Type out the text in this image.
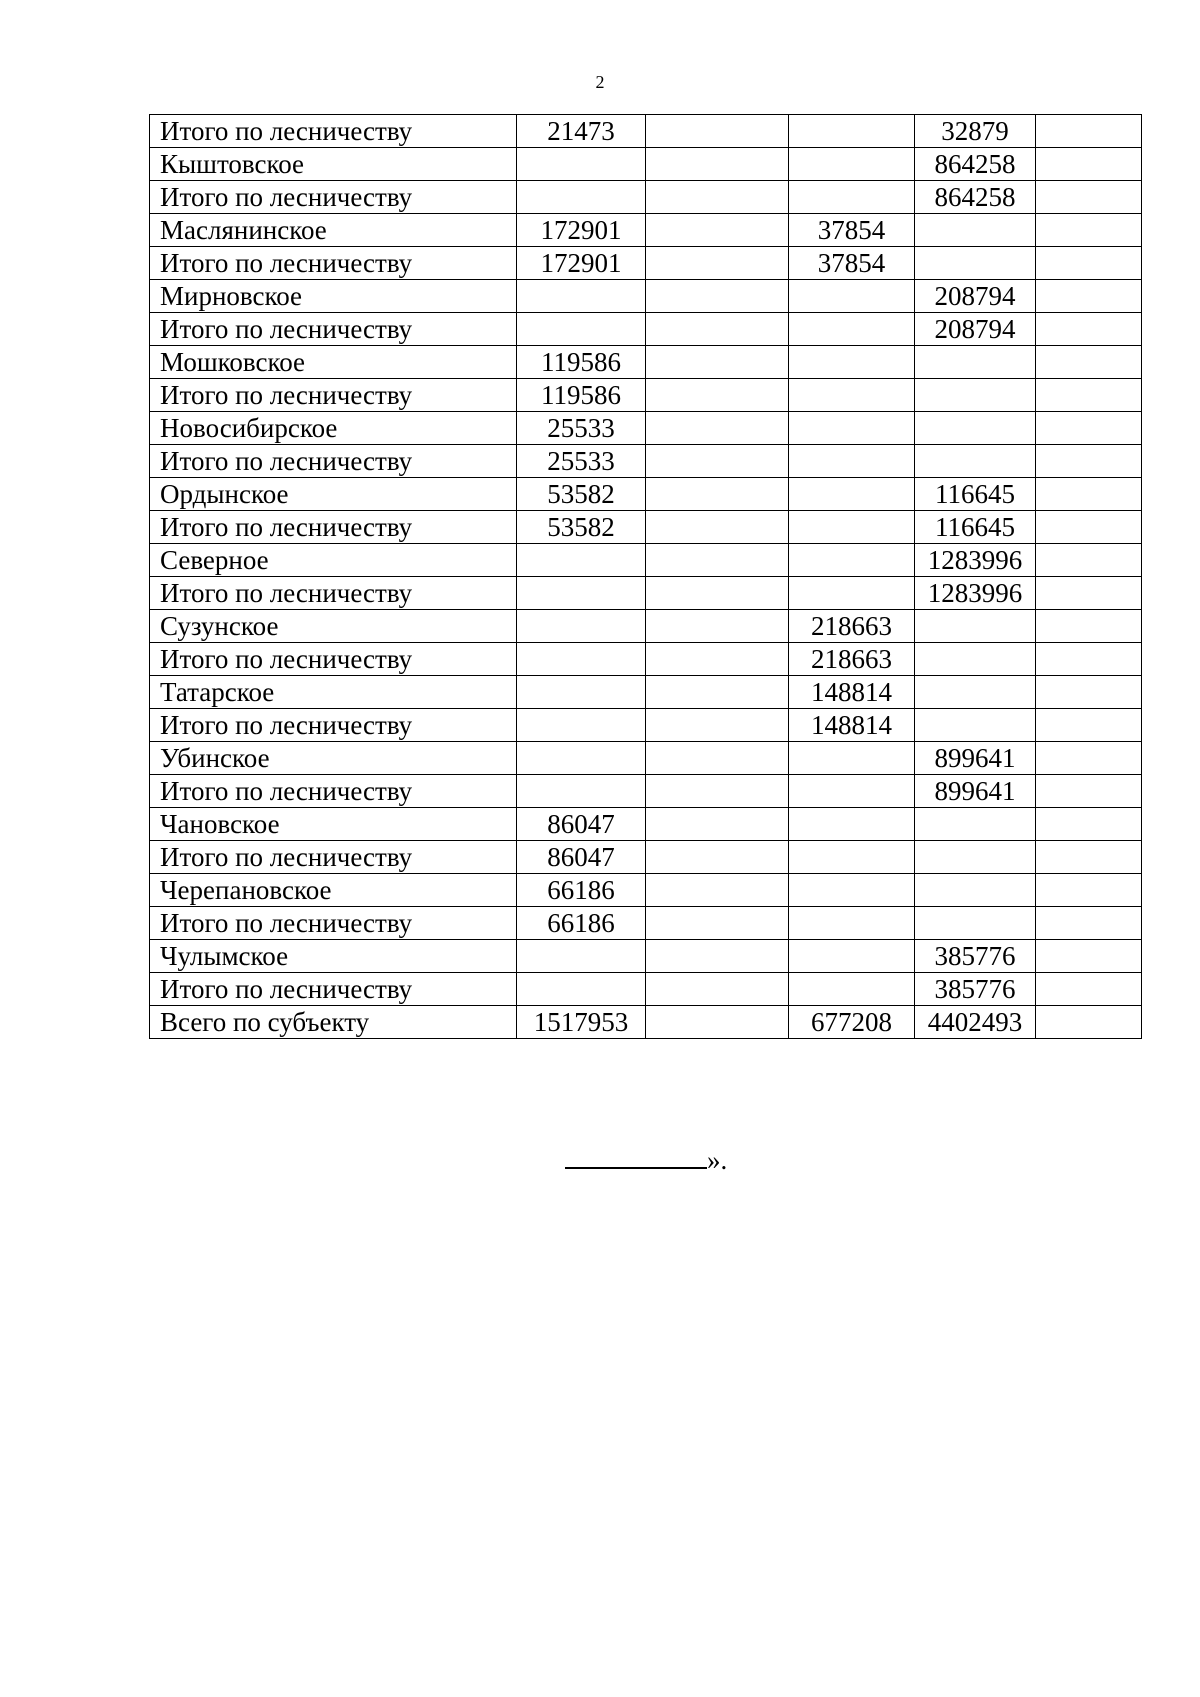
2
Итого по лесничеству	21473			32879	
Кыштовское				864258	
Итого по лесничеству				864258	
Маслянинское	172901		37854		
Итого по лесничеству	172901		37854		
Мирновское				208794	
Итого по лесничеству				208794	
Мошковское	119586				
Итого по лесничеству	119586				
Новосибирское	25533				
Итого по лесничеству	25533				
Ордынское	53582			116645	
Итого по лесничеству	53582			116645	
Северное				1283996	
Итого по лесничеству				1283996	
Сузунское			218663		
Итого по лесничеству			218663		
Татарское			148814		
Итого по лесничеству			148814		
Убинское				899641	
Итого по лесничеству				899641	
Чановское	86047				
Итого по лесничеству	86047				
Черепановское	66186				
Итого по лесничеству	66186				
Чулымское				385776	
Итого по лесничеству				385776	
Всего по субъекту	1517953		677208	4402493	
».
